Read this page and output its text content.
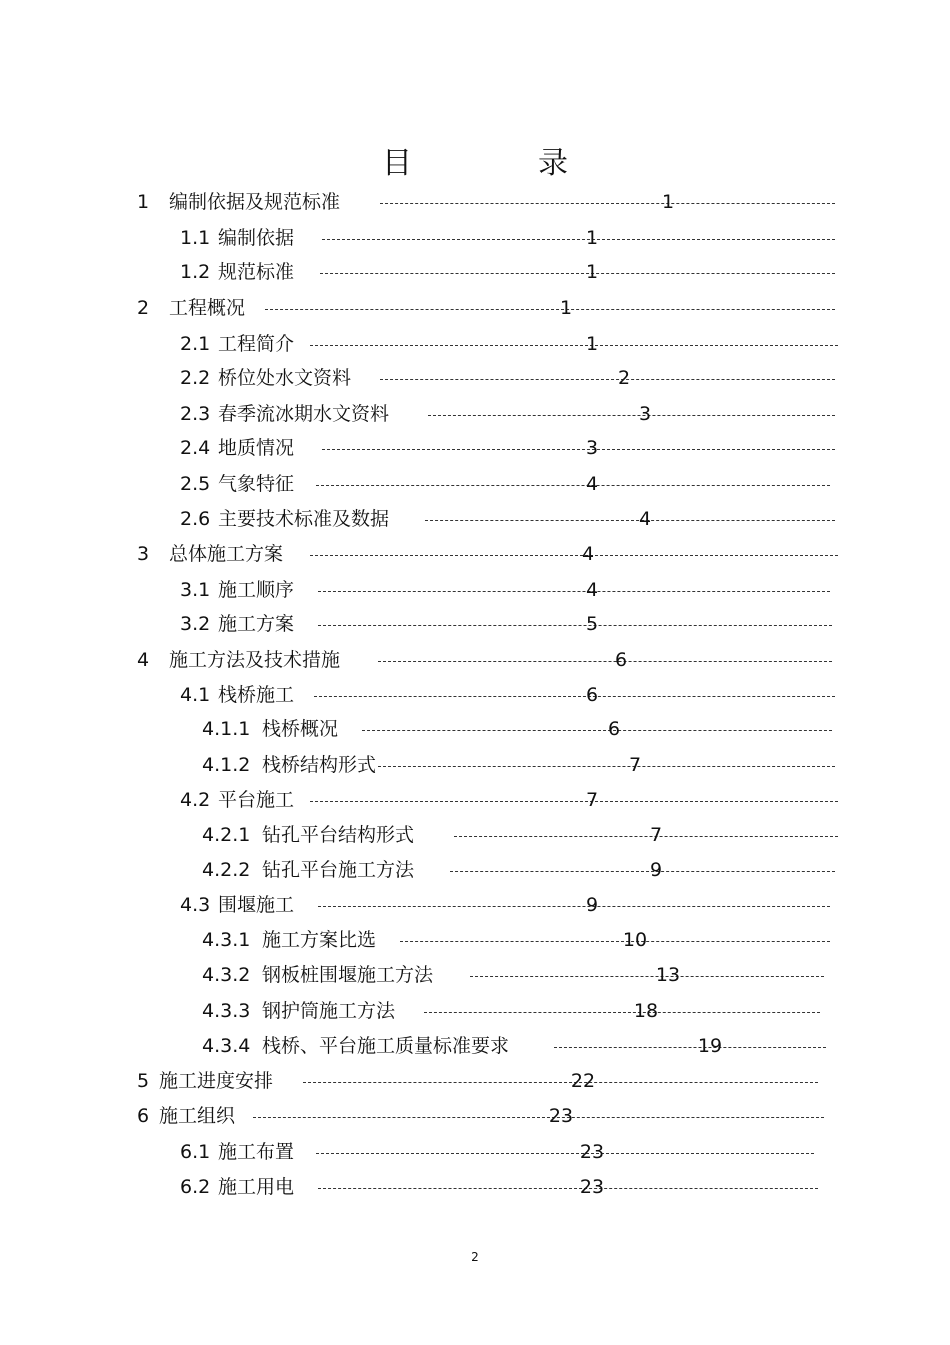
目　录
1 编制依据及规范标准	1
1.1 编制依据	1
1.2 规范标准	1
2 工程概况	1
2.1 工程简介	1
2.2 桥位处水文资料	2
2.3 春季流冰期水文资料	3
2.4 地质情况	3
2.5 气象特征	4
2.6 主要技术标准及数据	4
3 总体施工方案	4
3.1 施工顺序	4
3.2 施工方案	5
4 施工方法及技术措施	6
4.1 栈桥施工	6
4.1.1 栈桥概况	6
4.1.2 栈桥结构形式	7
4.2 平台施工	7
4.2.1 钻孔平台结构形式	7
4.2.2 钻孔平台施工方法	9
4.3 围堰施工	9
4.3.1 施工方案比选	10
4.3.2 钢板桩围堰施工方法	13
4.3.3 钢护筒施工方法	18
4.3.4 栈桥、平台施工质量标准要求	19
5 施工进度安排	22
6 施工组织	23
6.1 施工布置	23
6.2 施工用电	23
2
